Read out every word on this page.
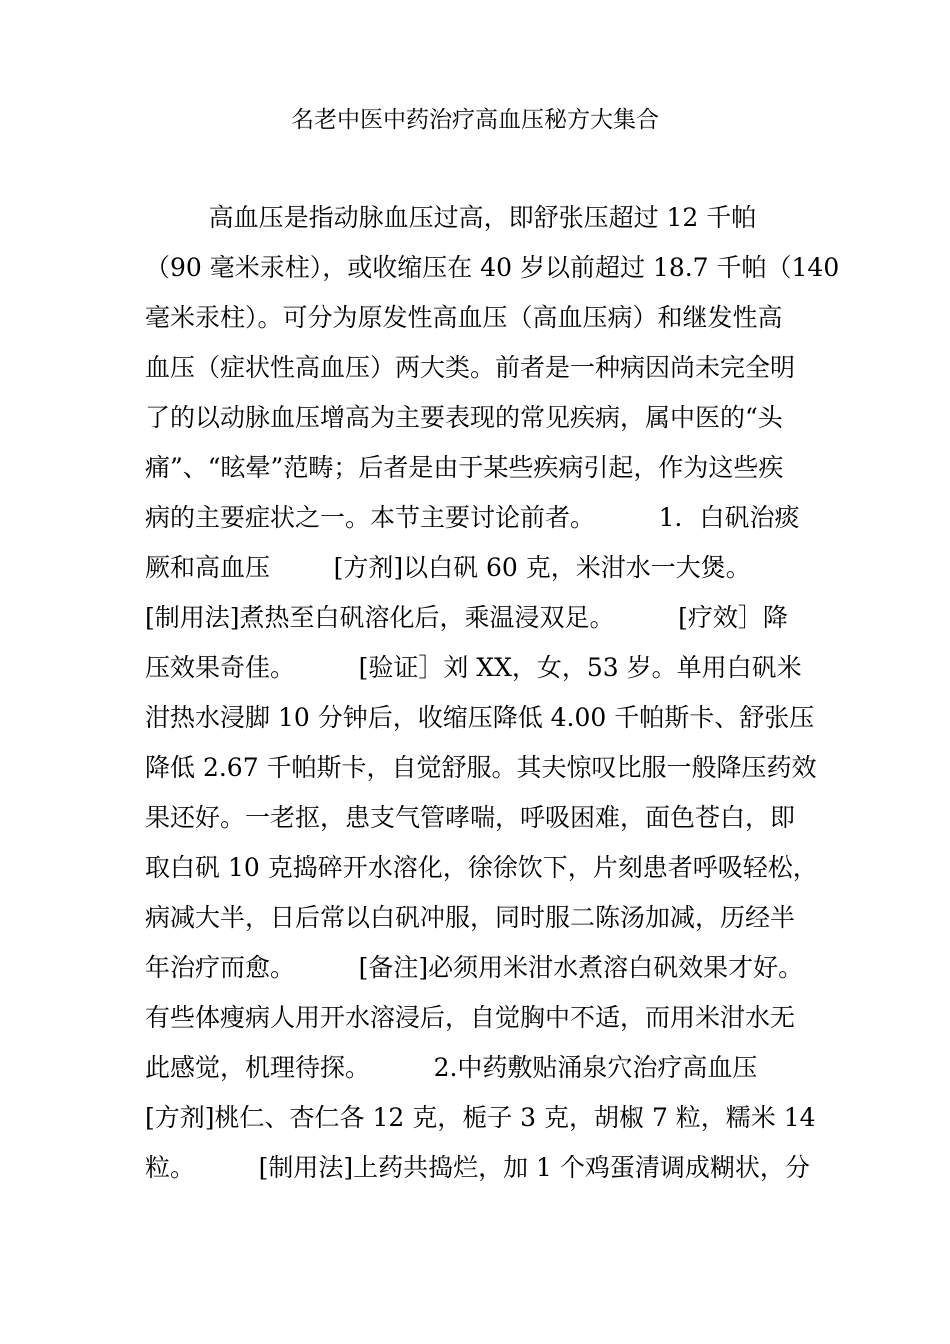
名老中医中药治疗高血压秘方大集合
高血压是指动脉血压过高，即舒张压超过 12 千帕
（90 毫米汞柱），或收缩压在 40 岁以前超过 18.7 千帕（140
毫米汞柱）。可分为原发性高血压（高血压病）和继发性高
血压（症状性高血压）两大类。前者是一种病因尚未完全明
了的以动脉血压增高为主要表现的常见疾病，属中医的“头
痛”、“眩晕”范畴；后者是由于某些疾病引起，作为这些疾
病的主要症状之一。本节主要讨论前者。        1．白矾治痰
厥和高血压        [方剂]以白矾 60 克，米泔水一大煲。
[制用法]煮热至白矾溶化后，乘温浸双足。        [疗效］降
压效果奇佳。        [验证］刘 XX，女，53 岁。单用白矾米
泔热水浸脚 10 分钟后，收缩压降低 4.00 千帕斯卡、舒张压
降低 2.67 千帕斯卡，自觉舒服。其夫惊叹比服一般降压药效
果还好。一老抠，患支气管哮喘，呼吸困难，面色苍白，即
取白矾 10 克捣碎开水溶化，徐徐饮下，片刻患者呼吸轻松，
病减大半，日后常以白矾冲服，同时服二陈汤加减，历经半
年治疗而愈。        [备注]必须用米泔水煮溶白矾效果才好。
有些体瘦病人用开水溶浸后，自觉胸中不适，而用米泔水无
此感觉，机理待探。        2.中药敷贴涌泉穴治疗高血压
[方剂]桃仁、杏仁各 12 克，栀子 3 克，胡椒 7 粒，糯米 14
粒。        [制用法]上药共捣烂，加 1 个鸡蛋清调成糊状，分
